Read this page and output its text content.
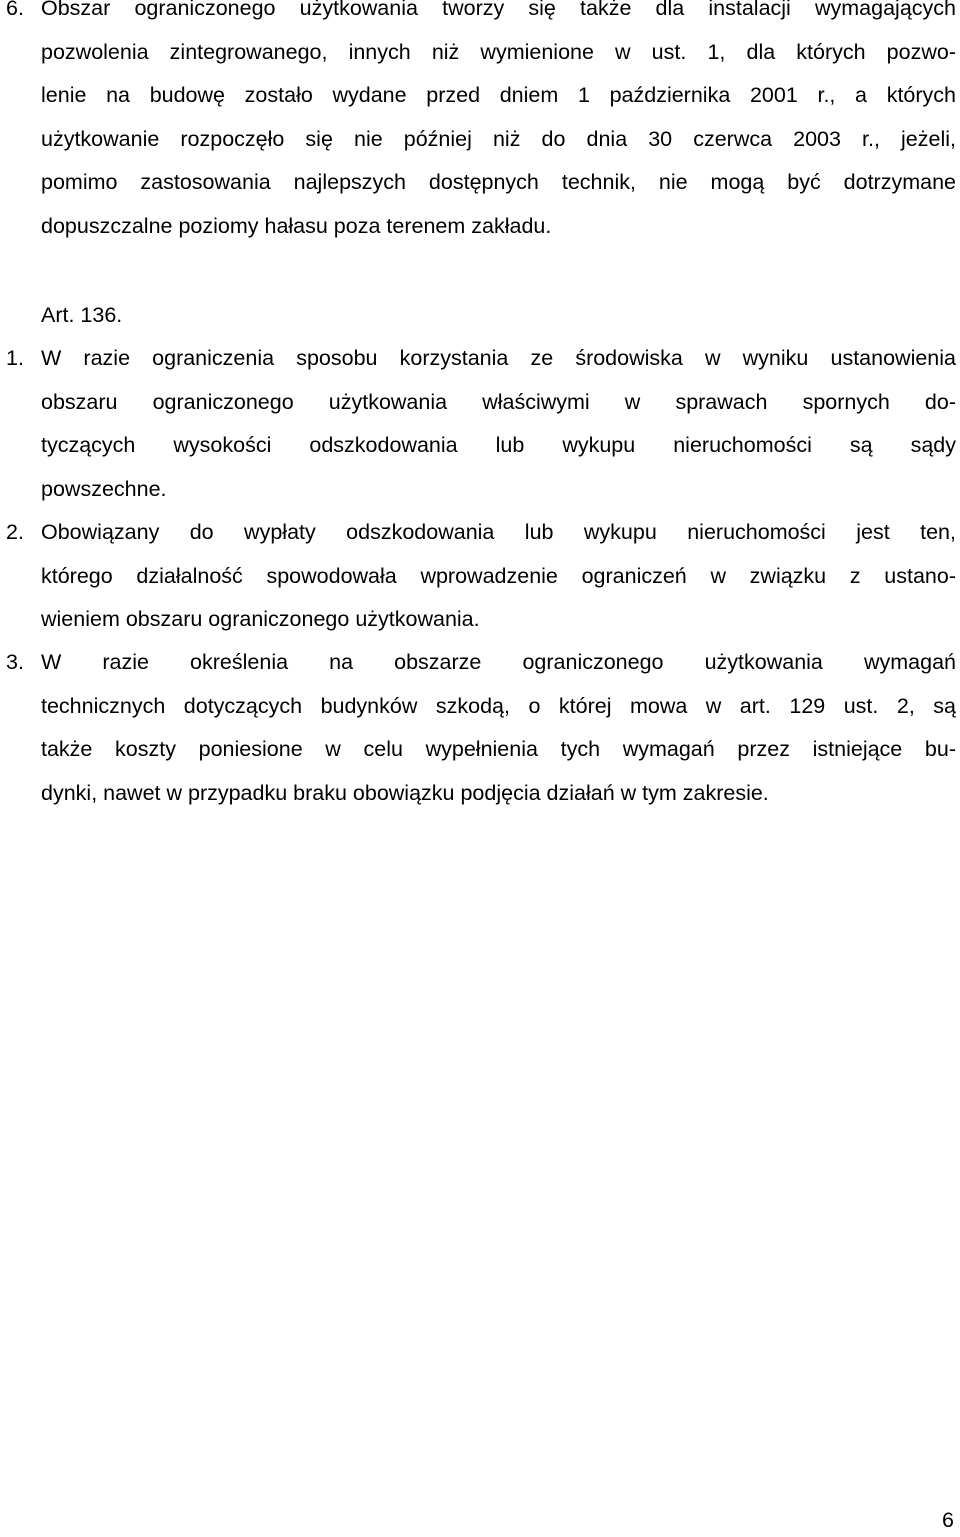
6. Obszar ograniczonego użytkowania tworzy się także dla instalacji wymagających
pozwolenia zintegrowanego, innych niż wymienione w ust. 1, dla których pozwo-
lenie na budowę zostało wydane przed dniem 1 października 2001 r., a których
użytkowanie rozpoczęło się nie później niż do dnia 30 czerwca 2003 r., jeżeli,
pomimo zastosowania najlepszych dostępnych technik, nie mogą być dotrzymane
dopuszczalne poziomy hałasu poza terenem zakładu.
Art. 136.
1. W razie ograniczenia sposobu korzystania ze środowiska w wyniku ustanowienia
obszaru ograniczonego użytkowania właściwymi w sprawach spornych do-
tyczących wysokości odszkodowania lub wykupu nieruchomości są sądy
powszechne.
2. Obowiązany do wypłaty odszkodowania lub wykupu nieruchomości jest ten,
którego działalność spowodowała wprowadzenie ograniczeń w związku z ustano-
wieniem obszaru ograniczonego użytkowania.
3. W razie określenia na obszarze ograniczonego użytkowania wymagań
technicznych dotyczących budynków szkodą, o której mowa w art. 129 ust. 2, są
także koszty poniesione w celu wypełnienia tych wymagań przez istniejące bu-
dynki, nawet w przypadku braku obowiązku podjęcia działań w tym zakresie.
6
